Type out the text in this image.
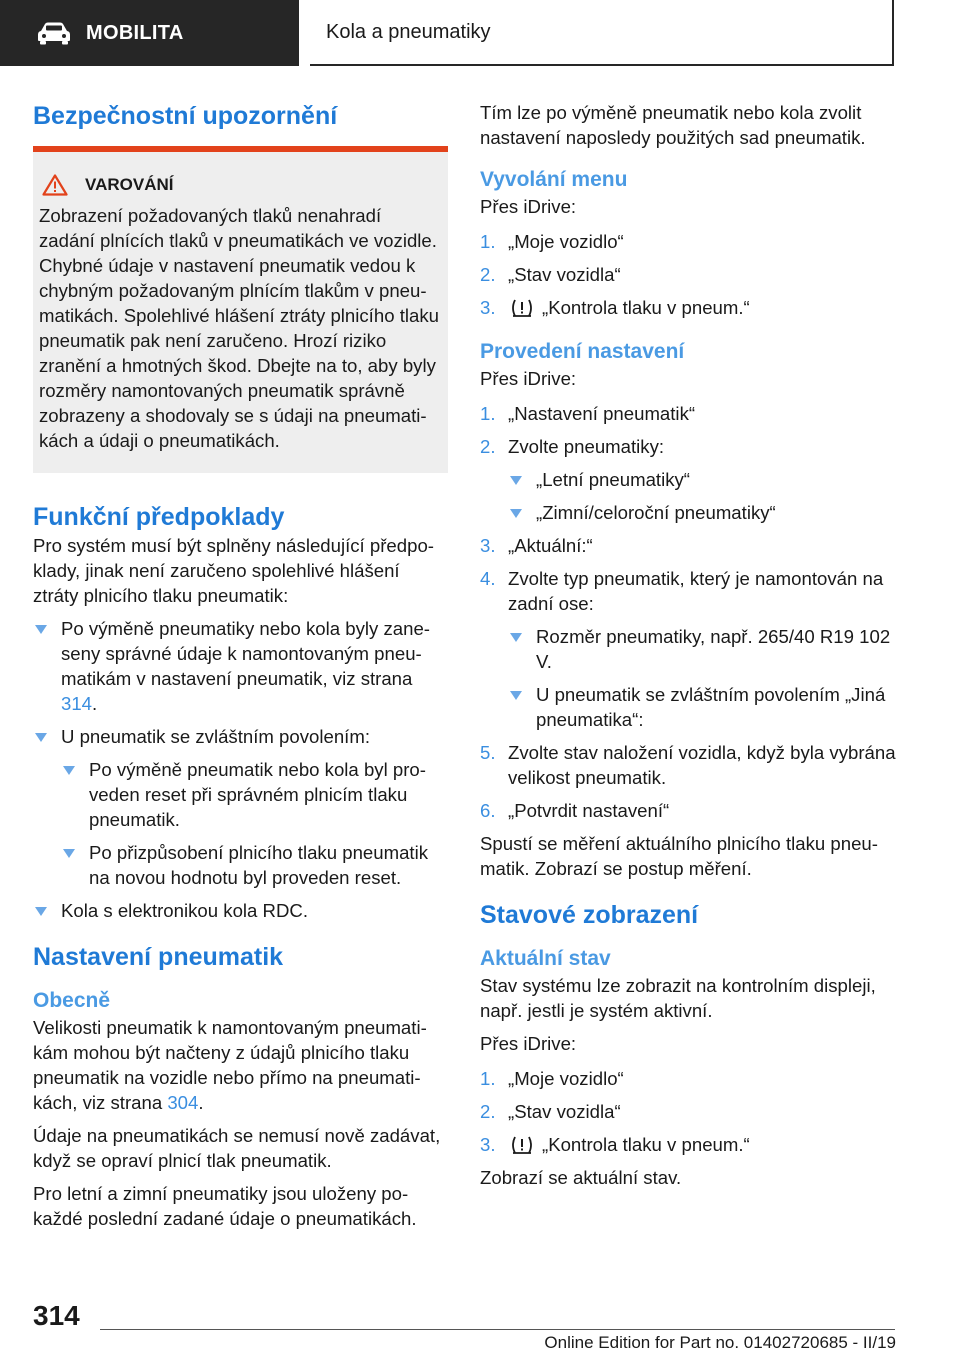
MOBILITA	Kola a pneumatiky
Bezpečnostní upozornění
VAROVÁNÍ

Zobrazení požadovaných tlaků nenahradí zadání plnících tlaků v pneumatikách ve vozidle. Chybné údaje v nastavení pneumatik vedou k chybným požadovaným plnícím tlakům v pneu- matikách. Spolehlivé hlášení ztráty plnicího tlaku pneumatik pak není zaručeno. Hrozí riziko zranění a hmotných škod. Dbejte na to, aby byly rozměry namontovaných pneumatik správně zobrazeny a shodovaly se s údaji na pneumati- kách a údaji o pneumatikách.

Funkční předpoklady

Pro systém musí být splněny následující předpo- klady, jinak není zaručeno spolehlivé hlášení ztráty plnicího tlaku pneumatik:

Po výměně pneumatiky nebo kola byly zane- seny správné údaje k namontovaným pneu- matikám v nastavení pneumatik, viz strana 314.
U pneumatik se zvláštním povolením:
Po výměně pneumatik nebo kola byl pro- veden reset při správném plnicím tlaku pneumatik.
Po přizpůsobení plnicího tlaku pneumatik na novou hodnotu byl proveden reset.
Kola s elektronikou kola RDC.
Nastavení pneumatik
Obecně

Velikosti pneumatik k namontovaným pneumati- kám mohou být načteny z údajů plnicího tlaku pneumatik na vozidle nebo přímo na pneumati- kách, viz strana 304.

Údaje na pneumatikách se nemusí nově zadávat, když se opraví plnicí tlak pneumatik.

Pro letní a zimní pneumatiky jsou uloženy po- každé poslední zadané údaje o pneumatikách.

Tím lze po výměně pneumatik nebo kola zvolit nastavení naposledy použitých sad pneumatik.

Vyvolání menu

Přes iDrive:

1. „Moje vozidlo“
2. „Stav vozidla“
3. „Kontrola tlaku v pneum.“
Provedení nastavení

Přes iDrive:

1. „Nastavení pneumatik“
2. Zvolte pneumatiky:
„Letní pneumatiky“
„Zimní/celoroční pneumatiky“
3. „Aktuální:“
4. Zvolte typ pneumatik, který je namontován na zadní ose:
Rozměr pneumatiky, např. 265/40 R19 102 V.
U pneumatik se zvláštním povolením „Jiná pneumatika“:
5. Zvolte stav naložení vozidla, když byla vybrána velikost pneumatik.
6. „Potvrdit nastavení“

Spustí se měření aktuálního plnicího tlaku pneu- matik. Zobrazí se postup měření.

Stavové zobrazení
Aktuální stav

Stav systému lze zobrazit na kontrolním displeji, např. jestli je systém aktivní.

Přes iDrive:

1. „Moje vozidlo“
2. „Stav vozidla“
3. „Kontrola tlaku v pneum.“

Zobrazí se aktuální stav.

314
Online Edition for Part no. 01402720685 - II/19
